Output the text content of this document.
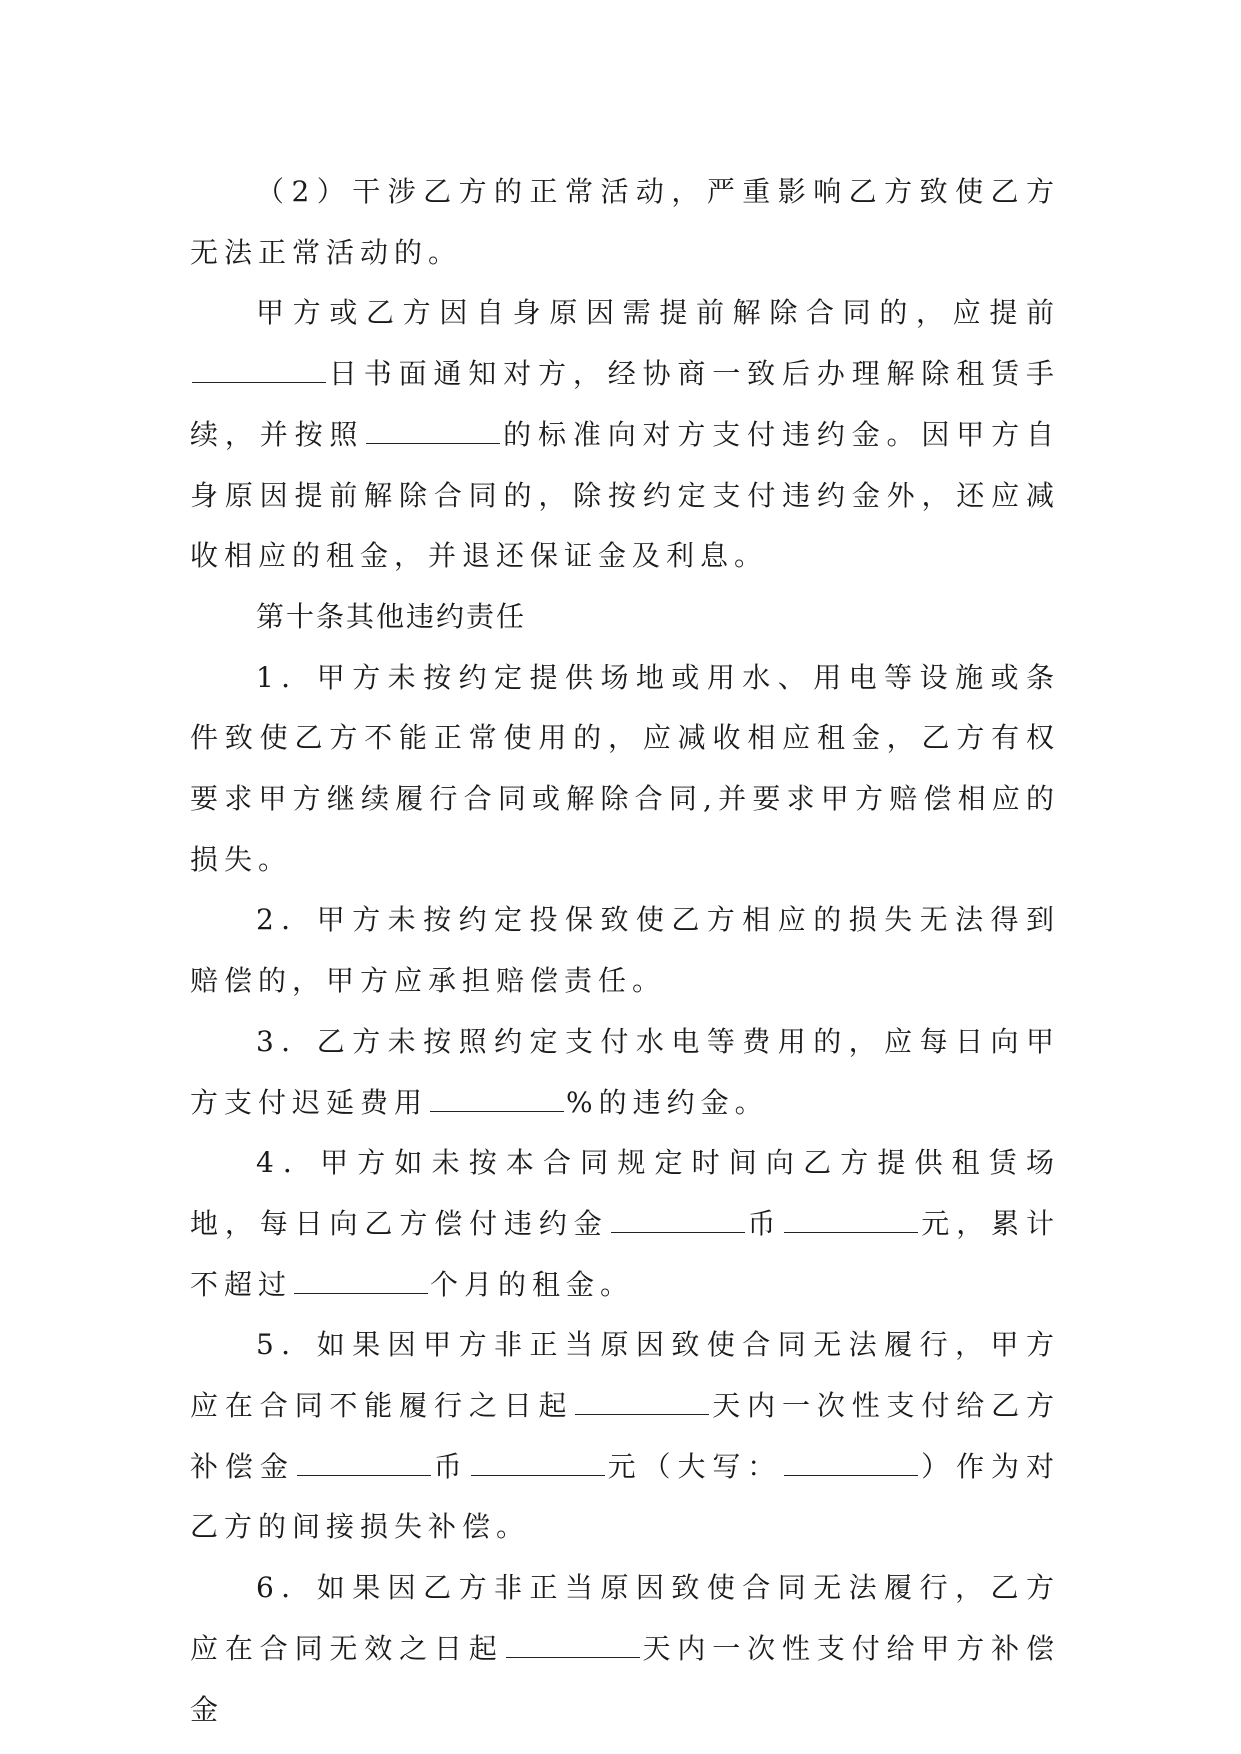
（2）干涉乙方的正常活动，严重影响乙方致使乙方无法正常活动的。

甲方或乙方因自身原因需提前解除合同的，应提前日书面通知对方，经协商一致后办理解除租赁手续，并按照	的标准向对方支付违约金。因甲方自身原因提前解除合同的，除按约定支付违约金外，还应减收相应的租金，并退还保证金及利息。

第十条其他违约责任

1．甲方未按约定提供场地或用水、用电等设施或条件致使乙方不能正常使用的，应减收相应租金，乙方有权要求甲方继续履行合同或解除合同,并要求甲方赔偿相应的损失。

2．甲方未按约定投保致使乙方相应的损失无法得到赔偿的，甲方应承担赔偿责任。

3．乙方未按照约定支付水电等费用的，应每日向甲方支付迟延费用	%的违约金。

4．甲方如未按本合同规定时间向乙方提供租赁场地，每日向乙方偿付违约金	币	元，累计不超过	个月的租金。

5．如果因甲方非正当原因致使合同无法履行，甲方应在合同不能履行之日起	天内一次性支付给乙方补偿金	币	元（大写：	）作为对乙方的间接损失补偿。

6．如果因乙方非正当原因致使合同无法履行，乙方应在合同无效之日起	天内一次性支付给甲方补偿金
